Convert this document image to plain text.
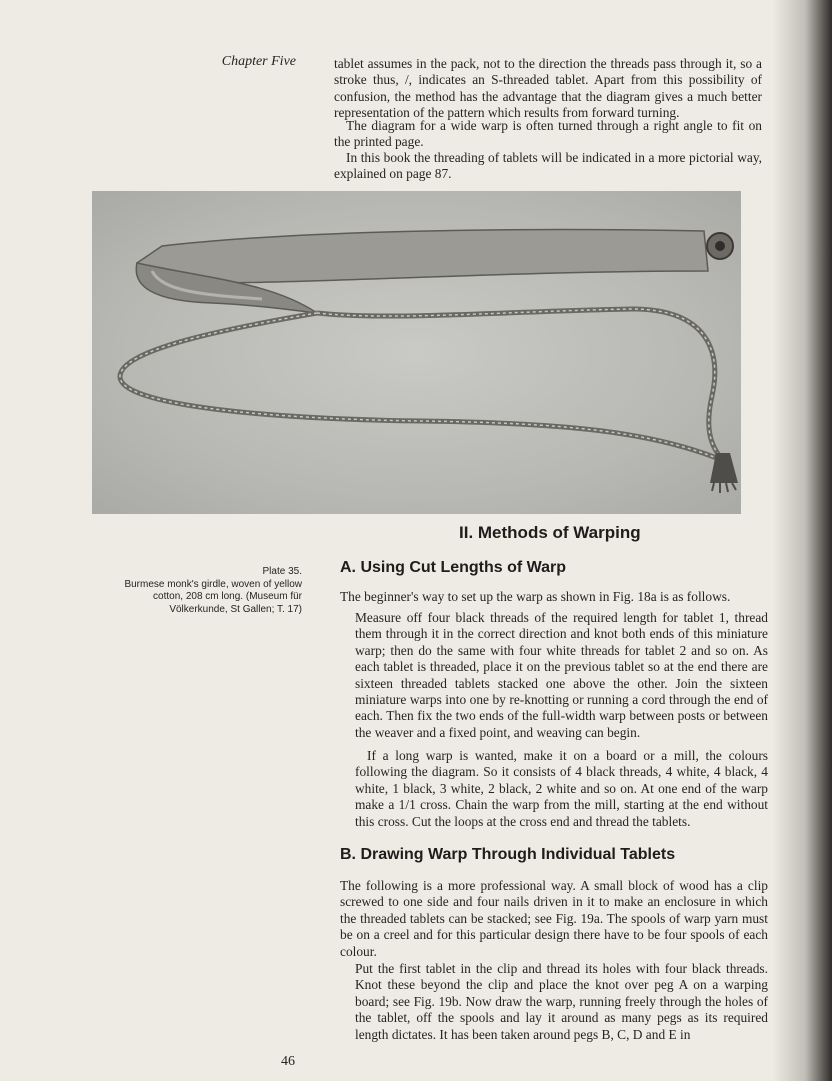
Chapter Five	tablet assumes in the pack, not to the direction the threads pass through it, so a stroke thus, /, indicates an S-threaded tablet. Apart from this possibility of confusion, the method has the advantage that the diagram gives a much better representation of the pattern which results from forward turning.

The diagram for a wide warp is often turned through a right angle to fit on the printed page.

In this book the threading of tablets will be indicated in a more pictorial way, explained on page 87.

II. Methods of Warping
Plate 35.
Burmese monk's girdle, woven of yellow cotton, 208 cm long. (Museum für Völkerkunde, St Gallen; T. 17)
A. Using Cut Lengths of Warp

The beginner's way to set up the warp as shown in Fig. 18a is as follows.

Measure off four black threads of the required length for tablet 1, thread them through it in the correct direction and knot both ends of this miniature warp; then do the same with four white threads for tablet 2 and so on. As each tablet is threaded, place it on the previous tablet so at the end there are sixteen threaded tablets stacked one above the other. Join the sixteen miniature warps into one by re-knotting or running a cord through the end of each. Then fix the two ends of the full-width warp between posts or between the weaver and a fixed point, and weaving can begin.

If a long warp is wanted, make it on a board or a mill, the colours following the diagram. So it consists of 4 black threads, 4 white, 4 black, 4 white, 1 black, 3 white, 2 black, 2 white and so on. At one end of the warp make a 1/1 cross. Chain the warp from the mill, starting at the end without this cross. Cut the loops at the cross end and thread the tablets.

B. Drawing Warp Through Individual Tablets

The following is a more professional way. A small block of wood has a clip screwed to one side and four nails driven in it to make an enclosure in which the threaded tablets can be stacked; see Fig. 19a. The spools of warp yarn must be on a creel and for this particular design there have to be four spools of each colour.

Put the first tablet in the clip and thread its holes with four black threads. Knot these beyond the clip and place the knot over peg A on a warping board; see Fig. 19b. Now draw the warp, running freely through the holes of the tablet, off the spools and lay it around as many pegs as its required length dictates. It has been taken around pegs B, C, D and E in

46
